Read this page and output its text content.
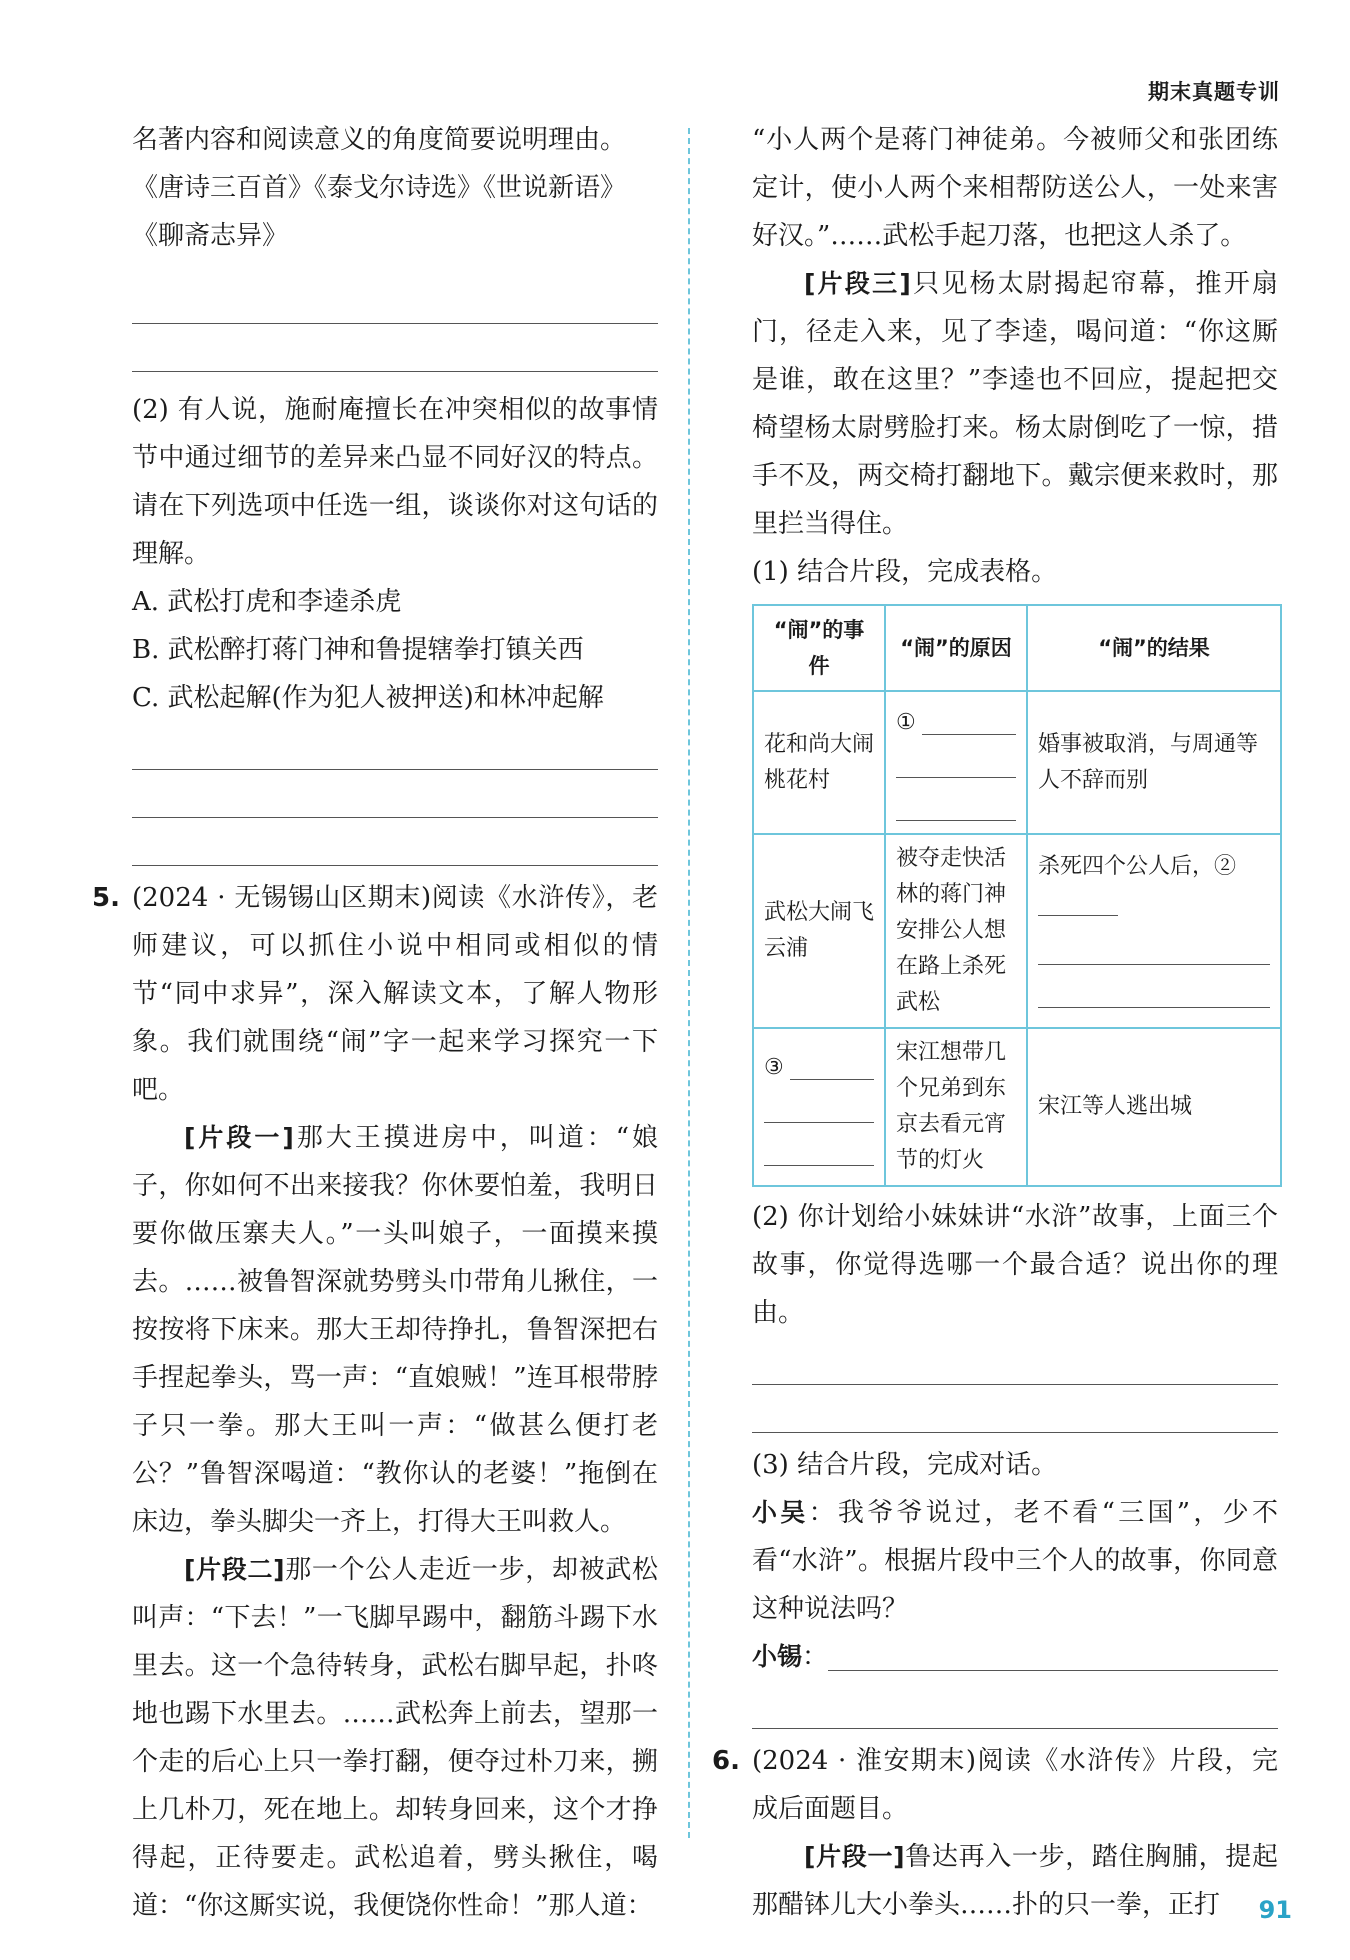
期末真题专训

名著内容和阅读意义的角度简要说明理由。

《唐诗三百首》《泰戈尔诗选》《世说新语》

《聊斋志异》

(2) 有人说，施耐庵擅长在冲突相似的故事情节中通过细节的差异来凸显不同好汉的特点。请在下列选项中任选一组，谈谈你对这句话的理解。

A. 武松打虎和李逵杀虎

B. 武松醉打蒋门神和鲁提辖拳打镇关西

C. 武松起解(作为犯人被押送)和林冲起解

5. (2024 · 无锡锡山区期末)阅读《水浒传》，老师建议，可以抓住小说中相同或相似的情节“同中求异”，深入解读文本，了解人物形象。我们就围绕“闹”字一起来学习探究一下吧。

[片段一]那大王摸进房中，叫道：“娘子，你如何不出来接我？你休要怕羞，我明日要你做压寨夫人。”一头叫娘子，一面摸来摸去。……被鲁智深就势劈头巾带角儿揪住，一按按将下床来。那大王却待挣扎，鲁智深把右手捏起拳头，骂一声：“直娘贼！”连耳根带脖子只一拳。那大王叫一声：“做甚么便打老公？”鲁智深喝道：“教你认的老婆！”拖倒在床边，拳头脚尖一齐上，打得大王叫救人。

[片段二]那一个公人走近一步，却被武松叫声：“下去！”一飞脚早踢中，翻筋斗踢下水里去。这一个急待转身，武松右脚早起，扑咚地也踢下水里去。……武松奔上前去，望那一个走的后心上只一拳打翻，便夺过朴刀来，搠上几朴刀，死在地上。却转身回来，这个才挣得起，正待要走。武松追着，劈头揪住，喝道：“你这厮实说，我便饶你性命！”那人道：

“小人两个是蒋门神徒弟。今被师父和张团练定计，使小人两个来相帮防送公人，一处来害好汉。”……武松手起刀落，也把这人杀了。

[片段三]只见杨太尉揭起帘幕，推开扇门，径走入来，见了李逵，喝问道：“你这厮是谁，敢在这里？”李逵也不回应，提起把交椅望杨太尉劈脸打来。杨太尉倒吃了一惊，措手不及，两交椅打翻地下。戴宗便来救时，那里拦当得住。

(1) 结合片段，完成表格。

“闹”的事件	“闹”的原因	“闹”的结果
花和尚大闹桃花村	①	婚事被取消，与周通等人不辞而别
武松大闹飞云浦	被夺走快活林的蒋门神安排公人想在路上杀死武松	杀死四个公人后，②

③	宋江想带几个兄弟到东京去看元宵节的灯火	宋江等人逃出城

(2) 你计划给小妹妹讲“水浒”故事，上面三个故事，你觉得选哪一个最合适？说出你的理由。

(3) 结合片段，完成对话。

小吴：我爷爷说过，老不看“三国”，少不看“水浒”。根据片段中三个人的故事，你同意这种说法吗？

小锡 ：

6. (2024 · 淮安期末)阅读《水浒传》片段，完成后面题目。

[片段一]鲁达再入一步，踏住胸脯，提起那醋钵儿大小拳头……扑的只一拳，正打	91
